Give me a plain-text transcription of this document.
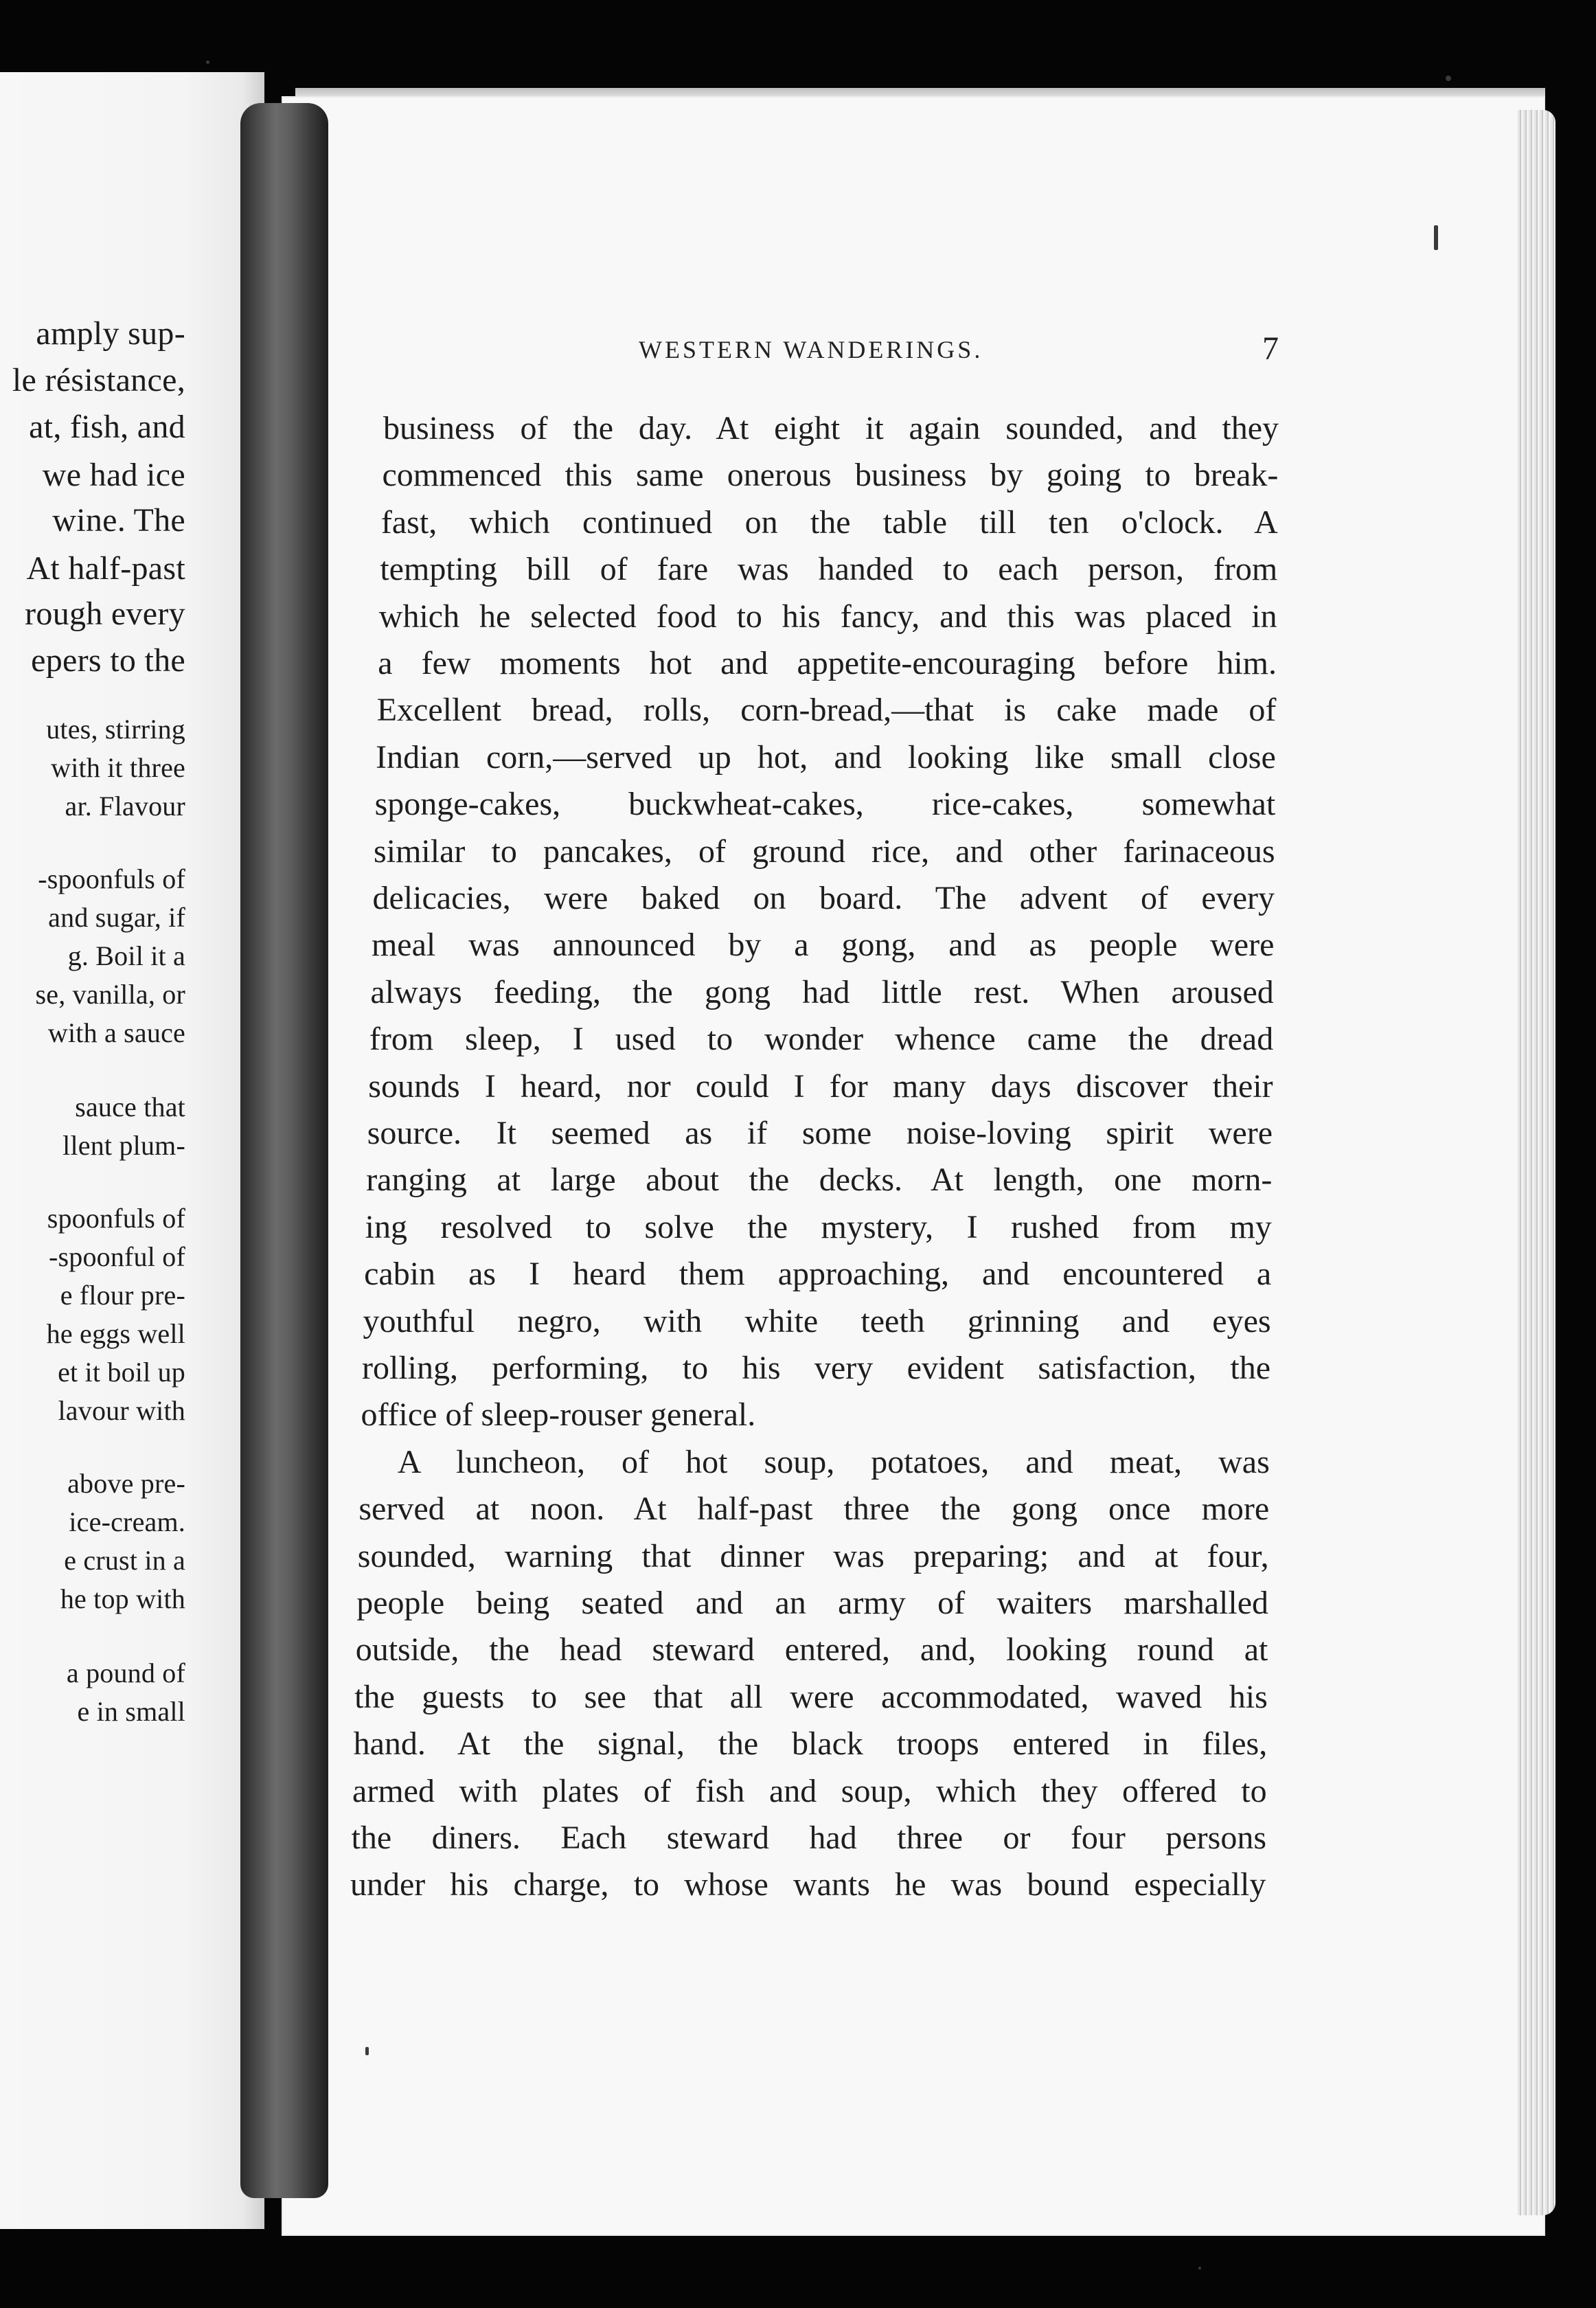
amply sup-
le résistance,
at, fish, and
we had ice
wine. The
At half-past
rough every
epers to the
utes, stirring
with it three
ar. Flavour
-spoonfuls of
and sugar, if
g. Boil it a
se, vanilla, or
with a sauce
sauce that
llent plum-
spoonfuls of
-spoonful of
e flour pre-
he eggs well
et it boil up
lavour with
above pre-
ice-cream.
e crust in a
he top with
a pound of
e in small
WESTERN WANDERINGS.	7
business of the day. At eight it again sounded, and they
commenced this same onerous business by going to break-
fast, which continued on the table till ten o'clock. A
tempting bill of fare was handed to each person, from
which he selected food to his fancy, and this was placed in
a few moments hot and appetite-encouraging before him.
Excellent bread, rolls, corn-bread,—that is cake made of
Indian corn,—served up hot, and looking like small close
sponge-cakes, buckwheat-cakes, rice-cakes, somewhat
similar to pancakes, of ground rice, and other farinaceous
delicacies, were baked on board. The advent of every
meal was announced by a gong, and as people were
always feeding, the gong had little rest. When aroused
from sleep, I used to wonder whence came the dread
sounds I heard, nor could I for many days discover their
source. It seemed as if some noise-loving spirit were
ranging at large about the decks. At length, one morn-
ing resolved to solve the mystery, I rushed from my
cabin as I heard them approaching, and encountered a
youthful negro, with white teeth grinning and eyes
rolling, performing, to his very evident satisfaction, the
office of sleep-rouser general.
A luncheon, of hot soup, potatoes, and meat, was
served at noon. At half-past three the gong once more
sounded, warning that dinner was preparing; and at four,
people being seated and an army of waiters marshalled
outside, the head steward entered, and, looking round at
the guests to see that all were accommodated, waved his
hand. At the signal, the black troops entered in files,
armed with plates of fish and soup, which they offered to
the diners. Each steward had three or four persons
under his charge, to whose wants he was bound especially
